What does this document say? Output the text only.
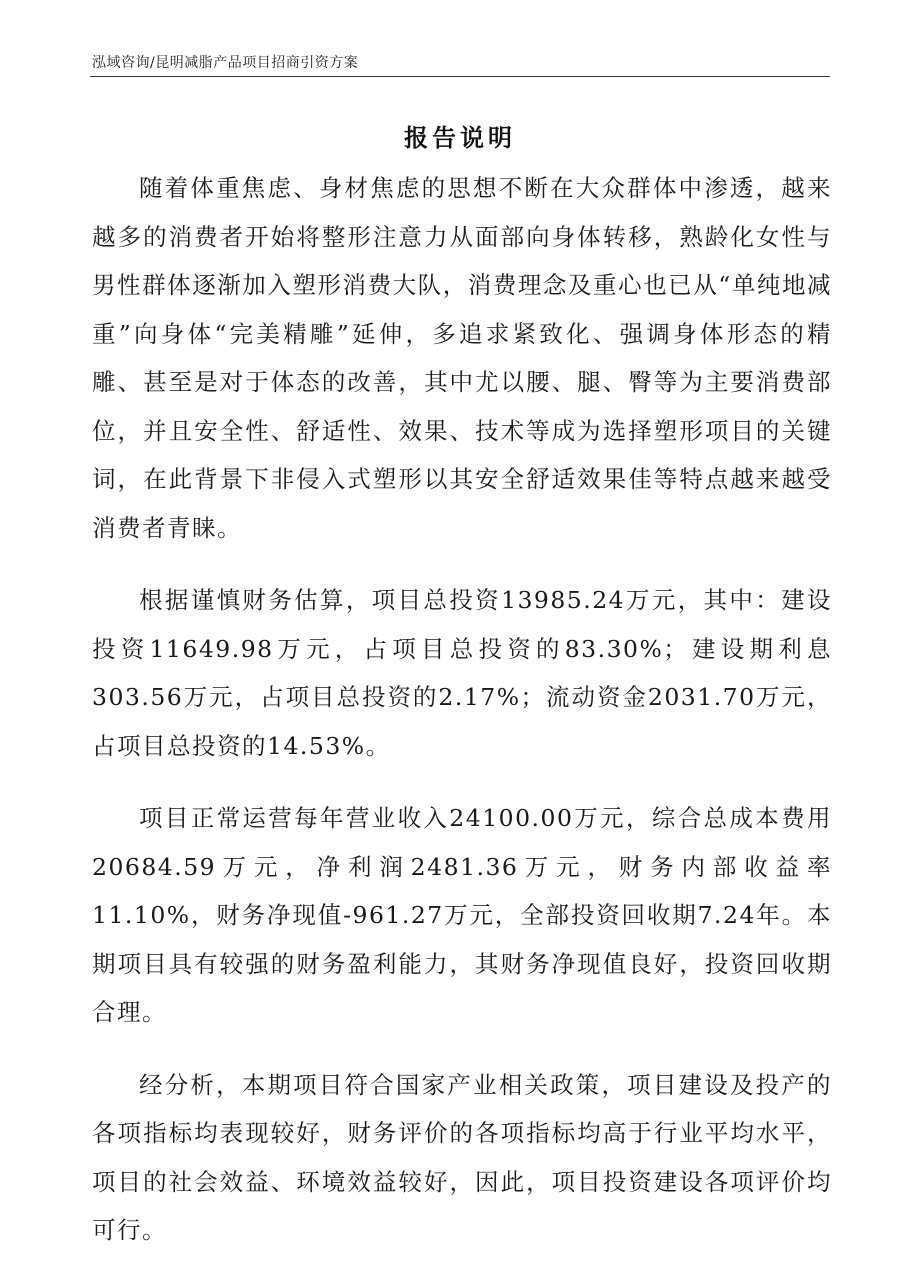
泓域咨询/昆明减脂产品项目招商引资方案
报告说明

随着体重焦虑、身材焦虑的思想不断在大众群体中渗透，越来越多的消费者开始将整形注意力从面部向身体转移，熟龄化女性与男性群体逐渐加入塑形消费大队，消费理念及重心也已从“单纯地减重”向身体“完美精雕”延伸，多追求紧致化、强调身体形态的精雕、甚至是对于体态的改善，其中尤以腰、腿、臀等为主要消费部位，并且安全性、舒适性、效果、技术等成为选择塑形项目的关键词，在此背景下非侵入式塑形以其安全舒适效果佳等特点越来越受消费者青睐。

根据谨慎财务估算，项目总投资13985.24万元，其中：建设投资11649.98万元，占项目总投资的83.30%；建设期利息303.56万元，占项目总投资的2.17%；流动资金2031.70万元，占项目总投资的14.53%。

项目正常运营每年营业收入24100.00万元，综合总成本费用20684.59万元，净利润2481.36万元，财务内部收益率11.10%，财务净现值-961.27万元，全部投资回收期7.24年。本期项目具有较强的财务盈利能力，其财务净现值良好，投资回收期合理。

经分析，本期项目符合国家产业相关政策，项目建设及投产的各项指标均表现较好，财务评价的各项指标均高于行业平均水平，项目的社会效益、环境效益较好，因此，项目投资建设各项评价均可行。
